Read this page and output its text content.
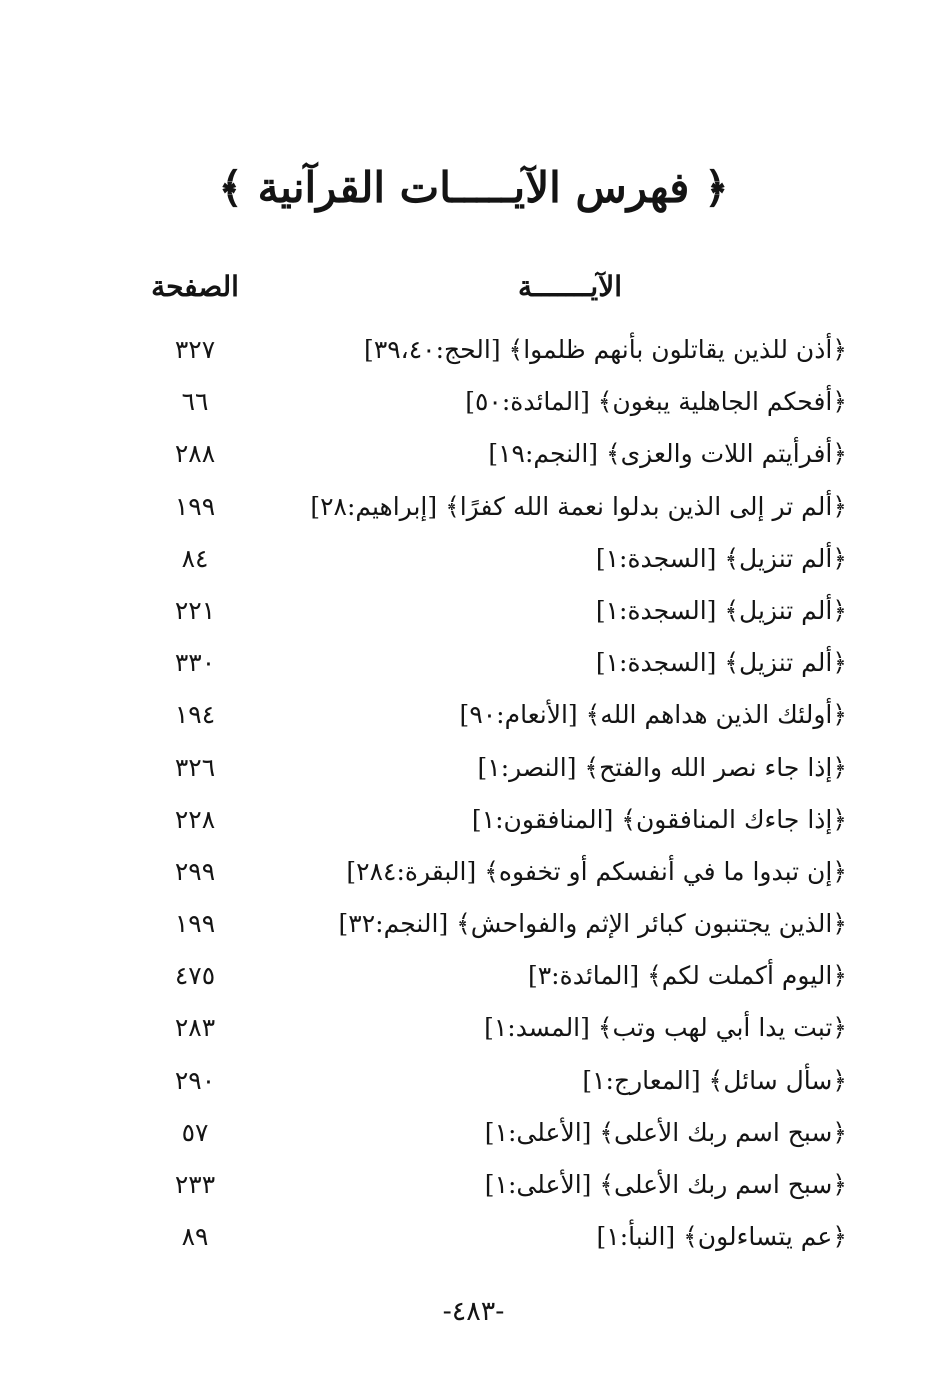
﴿ فهرس الآيـــــات القرآنية ﴾
الآيـــــــة
الصفحة
﴿أذن للذين يقاتلون بأنهم ظلموا﴾ [الحج:٣٩،٤٠]
٣٢٧
﴿أفحكم الجاهلية يبغون﴾ [المائدة:٥٠]
٦٦
﴿أفرأيتم اللات والعزى﴾ [النجم:١٩]
٢٨٨
﴿ألم تر إلى الذين بدلوا نعمة الله كفرًا﴾ [إبراهيم:٢٨]
١٩٩
﴿ألم تنزيل﴾ [السجدة:١]
٨٤
﴿ألم تنزيل﴾ [السجدة:١]
٢٢١
﴿ألم تنزيل﴾ [السجدة:١]
٣٣٠
﴿أولئك الذين هداهم الله﴾ [الأنعام:٩٠]
١٩٤
﴿إذا جاء نصر الله والفتح﴾ [النصر:١]
٣٢٦
﴿إذا جاءك المنافقون﴾ [المنافقون:١]
٢٢٨
﴿إن تبدوا ما في أنفسكم أو تخفوه﴾ [البقرة:٢٨٤]
٢٩٩
﴿الذين يجتنبون كبائر الإثم والفواحش﴾ [النجم:٣٢]
١٩٩
﴿اليوم أكملت لكم﴾ [المائدة:٣]
٤٧٥
﴿تبت يدا أبي لهب وتب﴾ [المسد:١]
٢٨٣
﴿سأل سائل﴾ [المعارج:١]
٢٩٠
﴿سبح اسم ربك الأعلى﴾ [الأعلى:١]
٥٧
﴿سبح اسم ربك الأعلى﴾ [الأعلى:١]
٢٣٣
﴿عم يتساءلون﴾ [النبأ:١]
٨٩
-٤٨٣-
